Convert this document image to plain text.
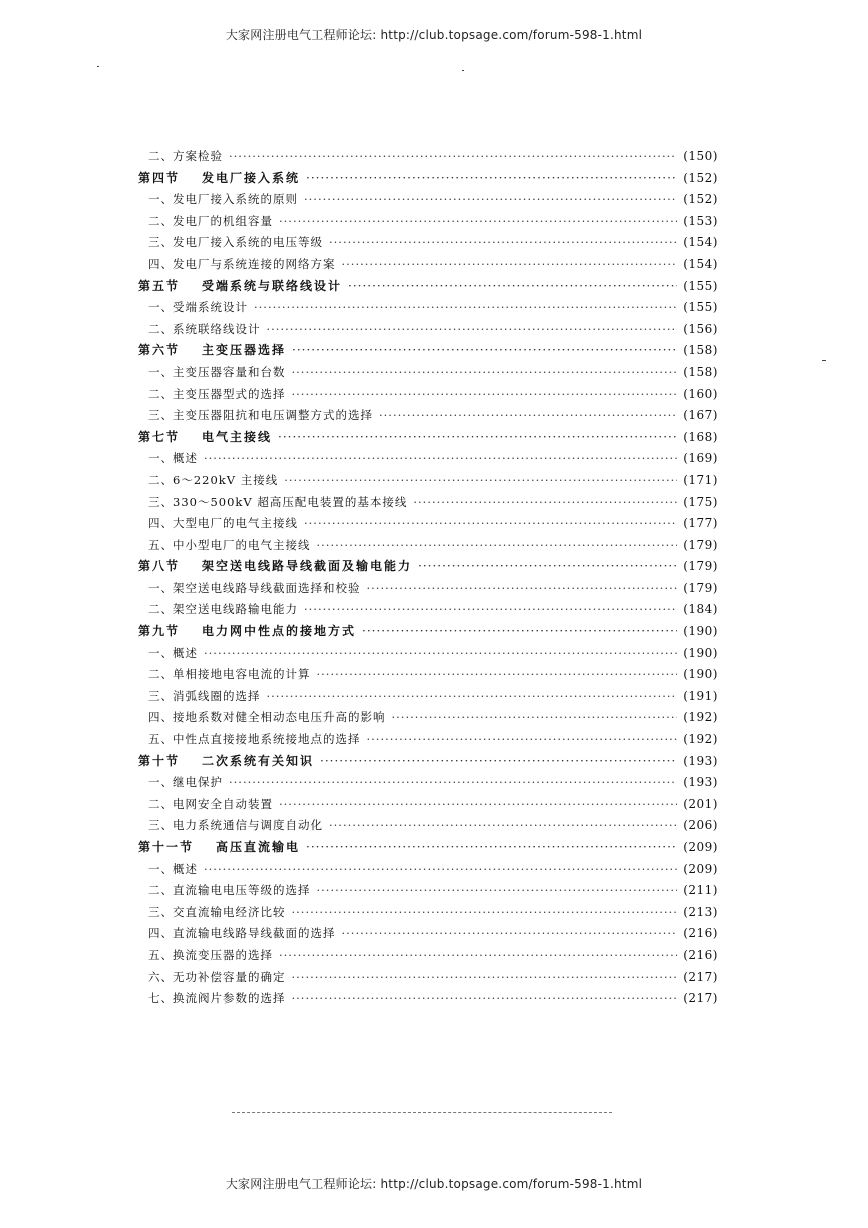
大家网注册电气工程师论坛: http://club.topsage.com/forum-598-1.html
二、方案检验 ·····	(150)
第四节 发电厂接入系统 ·····	(152)
一、发电厂接入系统的原则 ·····	(152)
二、发电厂的机组容量 ·····	(153)
三、发电厂接入系统的电压等级 ·····	(154)
四、发电厂与系统连接的网络方案 ·····	(154)
第五节 受端系统与联络线设计 ·····	(155)
一、受端系统设计 ·····	(155)
二、系统联络线设计 ·····	(156)
第六节 主变压器选择 ·····	(158)
一、主变压器容量和台数 ·····	(158)
二、主变压器型式的选择 ·····	(160)
三、主变压器阻抗和电压调整方式的选择 ·····	(167)
第七节 电气主接线 ·····	(168)
一、概述 ·····	(169)
二、6～220kV 主接线 ·····	(171)
三、330～500kV 超高压配电装置的基本接线 ·····	(175)
四、大型电厂的电气主接线 ·····	(177)
五、中小型电厂的电气主接线 ·····	(179)
第八节 架空送电线路导线截面及输电能力 ·····	(179)
一、架空送电线路导线截面选择和校验 ·····	(179)
二、架空送电线路输电能力 ·····	(184)
第九节 电力网中性点的接地方式 ·····	(190)
一、概述 ·····	(190)
二、单相接地电容电流的计算 ·····	(190)
三、消弧线圈的选择 ·····	(191)
四、接地系数对健全相动态电压升高的影响 ·····	(192)
五、中性点直接接地系统接地点的选择 ·····	(192)
第十节 二次系统有关知识 ·····	(193)
一、继电保护 ·····	(193)
二、电网安全自动装置 ·····	(201)
三、电力系统通信与调度自动化 ·····	(206)
第十一节 高压直流输电 ·····	(209)
一、概述 ·····	(209)
二、直流输电电压等级的选择 ·····	(211)
三、交直流输电经济比较 ·····	(213)
四、直流输电线路导线截面的选择 ·····	(216)
五、换流变压器的选择 ·····	(216)
六、无功补偿容量的确定 ·····	(217)
七、换流阀片参数的选择 ·····	(217)
大家网注册电气工程师论坛: http://club.topsage.com/forum-598-1.html
